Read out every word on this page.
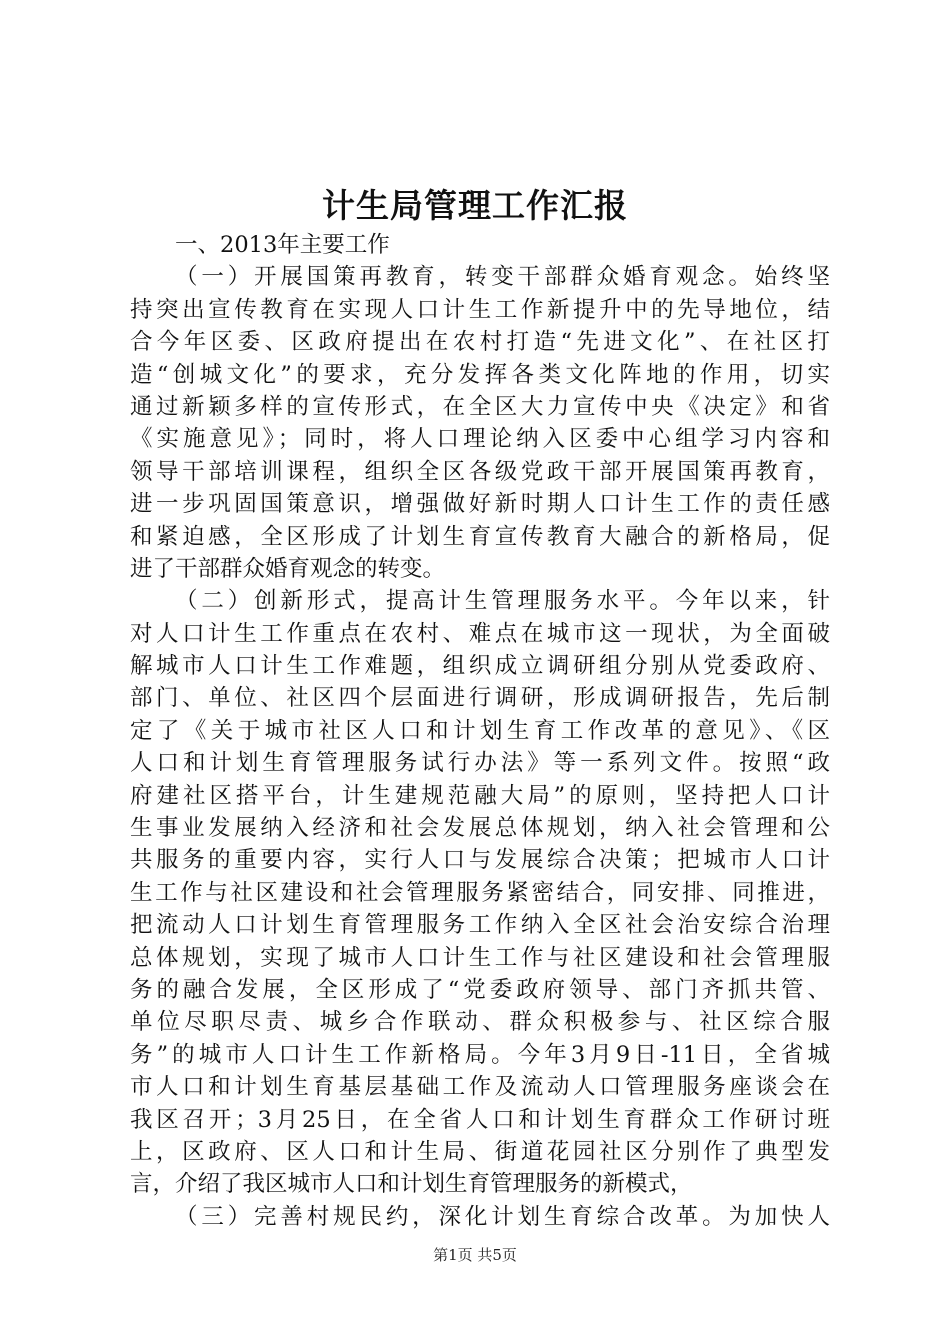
计生局管理工作汇报
一、2013年主要工作
（一）开展国策再教育，转变干部群众婚育观念。始终坚
持突出宣传教育在实现人口计生工作新提升中的先导地位，结
合今年区委、区政府提出在农村打造“先进文化”、在社区打
造“创城文化”的要求，充分发挥各类文化阵地的作用，切实
通过新颖多样的宣传形式，在全区大力宣传中央《决定》和省
《实施意见》；同时，将人口理论纳入区委中心组学习内容和
领导干部培训课程，组织全区各级党政干部开展国策再教育，
进一步巩固国策意识，增强做好新时期人口计生工作的责任感
和紧迫感，全区形成了计划生育宣传教育大融合的新格局，促
进了干部群众婚育观念的转变。
（二）创新形式，提高计生管理服务水平。今年以来，针
对人口计生工作重点在农村、难点在城市这一现状，为全面破
解城市人口计生工作难题，组织成立调研组分别从党委政府、
部门、单位、社区四个层面进行调研，形成调研报告，先后制
定了《关于城市社区人口和计划生育工作改革的意见》、《区
人口和计划生育管理服务试行办法》等一系列文件。按照“政
府建社区搭平台，计生建规范融大局”的原则，坚持把人口计
生事业发展纳入经济和社会发展总体规划，纳入社会管理和公
共服务的重要内容，实行人口与发展综合决策；把城市人口计
生工作与社区建设和社会管理服务紧密结合，同安排、同推进，
把流动人口计划生育管理服务工作纳入全区社会治安综合治理
总体规划，实现了城市人口计生工作与社区建设和社会管理服
务的融合发展，全区形成了“党委政府领导、部门齐抓共管、
单位尽职尽责、城乡合作联动、群众积极参与、社区综合服
务”的城市人口计生工作新格局。今年3月9日-11日，全省城
市人口和计划生育基层基础工作及流动人口管理服务座谈会在
我区召开；3月25日，在全省人口和计划生育群众工作研讨班
上，区政府、区人口和计生局、街道花园社区分别作了典型发
言，介绍了我区城市人口和计划生育管理服务的新模式，
（三）完善村规民约，深化计划生育综合改革。为加快人
第1页 共5页
